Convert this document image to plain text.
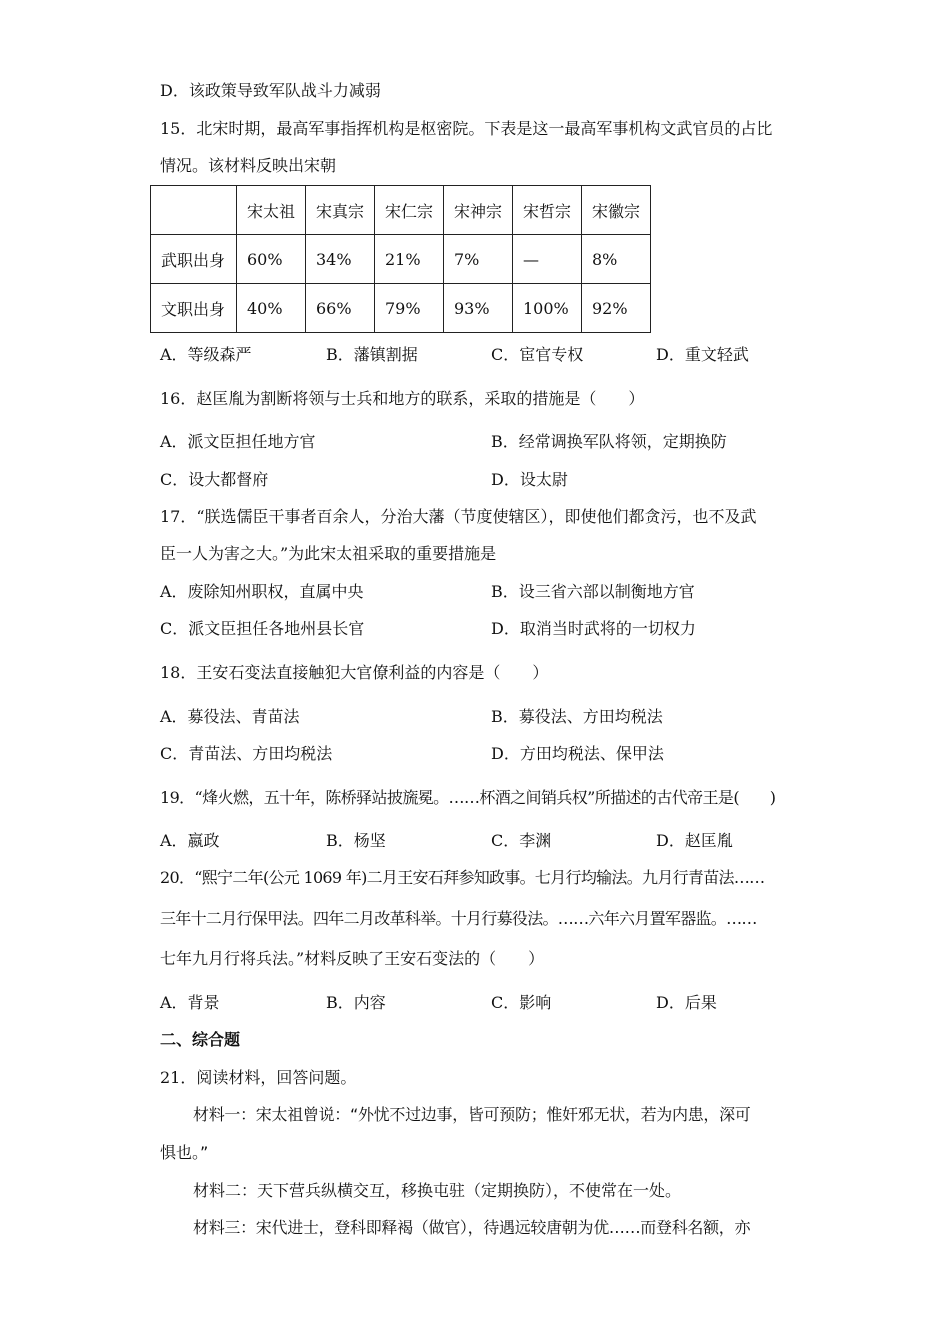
D．该政策导致军队战斗力减弱
15．北宋时期，最高军事指挥机构是枢密院。下表是这一最高军事机构文武官员的占比
情况。该材料反映出宋朝
	宋太祖	宋真宗	宋仁宗	宋神宗	宋哲宗	宋徽宗
武职出身	60%	34%	21%	7%	—	8%
文职出身	40%	66%	79%	93%	100%	92%
A．等级森严	B．藩镇割据	C．宦官专权	D．重文轻武
16．赵匡胤为割断将领与士兵和地方的联系，采取的措施是（　　）
A．派文臣担任地方官	B．经常调换军队将领，定期换防
C．设大都督府	D．设太尉
17．“朕选儒臣干事者百余人，分治大藩（节度使辖区），即使他们都贪污，也不及武
臣一人为害之大。”为此宋太祖采取的重要措施是
A．废除知州职权，直属中央	B．设三省六部以制衡地方官
C．派文臣担任各地州县长官	D．取消当时武将的一切权力
18．王安石变法直接触犯大官僚利益的内容是（　　）
A．募役法、青苗法	B．募役法、方田均税法
C．青苗法、方田均税法	D．方田均税法、保甲法
19．“烽火燃，五十年，陈桥驿站披旒冕。……杯酒之间销兵权”所描述的古代帝王是(　　)
A．嬴政	B．杨坚	C．李渊	D．赵匡胤
20．“熙宁二年(公元 1069 年)二月王安石拜参知政事。七月行均输法。九月行青苗法……
三年十二月行保甲法。四年二月改革科举。十月行募役法。……六年六月置军器监。……
七年九月行将兵法。”材料反映了王安石变法的（　　）
A．背景	B．内容	C．影响	D．后果
二、综合题
21．阅读材料，回答问题。
材料一：宋太祖曾说：“外忧不过边事，皆可预防；惟奸邪无状，若为内患，深可
惧也。”
材料二：天下营兵纵横交互，移换屯驻（定期换防），不使常在一处。
材料三：宋代进士，登科即释褐（做官），待遇远较唐朝为优……而登科名额，亦
